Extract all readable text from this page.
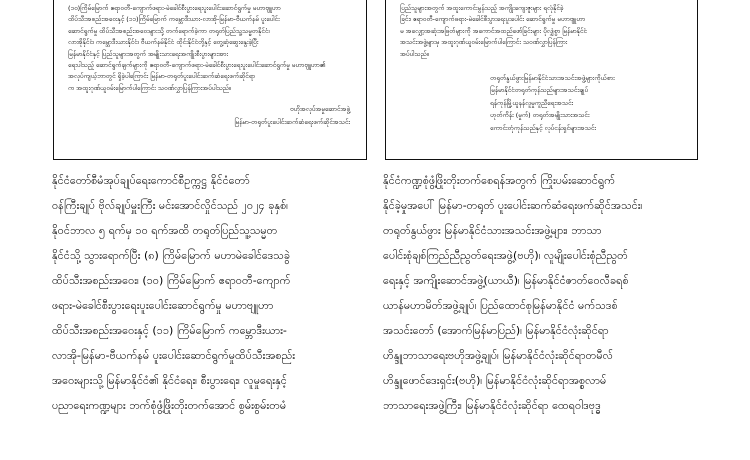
(၁၀)ကြိမ်မြောက် ဧရာဝတီ-ကျောက်ဖရား-မဲခေါင်စီးပွားရေးပူးပေါင်းဆောင်ရွက်မှု မဟာဗျူဟာ
ထိပ်သီးအစည်းအဝေးနှင့် (၁၁)ကြိမ်မြောက် ကမ္ဘောဒီးယား-လာအို-မြန်မာ-ဗီယက်နမ် ပူးပေါင်း
ဆောင်ရွက်မှု ထိပ်သီးအစည်းအဝေးများသို့ တက်ရောက်ခဲ့ကာ တရုတ်ပြည်သူ့သမ္မတနိုင်ငံ၊
လာအိုနိုင်ငံ၊ ကမ္ဘောဒီးယားနိုင်ငံ၊ ဗီယက်နမ်နိုင်ငံ ထိုင်းနိုင်ငံတို့နှင့် တွေ့ဆုံဆွေးနွေးခဲ့ပြီး
မြန်မာနိုင်ငံနှင့် ပြည်သူများအတွက် အမျိုးသားရေးအကျိုးစီးပွားများအား
ရေးပါသည့် ဆောင်ရွက်ချက်များကို ဧရာဝတီ-ကျောက်ဖရား-မဲခေါင်စီးပွားရေးပူးပေါင်းဆောင်ရွက်မှု မဟာဗျူဟာ၏
အလုပ်ကျယ့်ဘာတွင် ရှိခဲ့ပါကြောင်း မြန်မာ-တရုတ်ပူးပေါင်းဆက်ဆံရေးဖက်ဆိုင်ရာ
က အထူးဂုဏ်ယူဝမ်းမြောက်ပါကြောင်း သဝဏ်လွှာပြန်ကြားအပ်ပါသည်။

ဗဟိုအလုပ်အမှုဆောင်အဖွဲ့
မြန်မာ-တရုတ်ပူးပေါင်းဆက်ဆံရေးဖက်ဆိုင်အသင်း

ပြည်သူများအတွက် အထူးကောင်းမွန်သည့် အကျိုးကျေးဇူးများ ရလုံနိုင်ခဲ့
ခြင်း၊ ဧရာဝတီ-ကျောက်ဖရား-မဲခေါင်စီးပွားရေးပူးပေါင်း ဆောင်ရွက်မှု မဟာဗျူဟာ
မ အလျှော့အဆုံးအဖြတ်များကို အကောင်အထည်ဖော်ခြင်းများ ပိုလျှံစွာ မြန်မာနိုင်ငံ
အသင်းအဖွဲ့များမှ အထူးဂုဏ်ယူဝမ်းမြောက်ပါကြောင်း သဝဏ်လွှာပြန်ကြား
အပ်ပါသည်။

တရုတ်နွယ်ဖွားမြန်မာနိုင်ငံသားအသင်းအဖွဲ့များကိုယ်စား
မြန်မာနိုင်ငံတရုတ်ကုန်သည်များအသင်းချုပ်
ရန်ကုန်မြို့ယူနန်လူမှုကူညီရေးအသင်း
ဟုတ်ကိန်း (မှုက်) တရုတ်အမျိုးသားအသင်း
ကောင်းတုံကုန်သည်နှင့် လုပ်ငန်းရှင်များအသင်း

နိုင်ငံတော်စီမံအုပ်ချုပ်ရေးကောင်စီဥက္ကဋ္ဌ နိုင်ငံတော်
ဝန်ကြီးချုပ် ဗိုလ်ချုပ်မှူးကြီး မင်းအောင်လှိုင်သည် ၂၀၂၄ ခုနှစ်၊
နိုဝင်ဘာလ ၅ ရက်မှ ၁၀ ရက်အထိ တရုတ်ပြည်သူ့သမ္မတ
နိုင်ငံသို့ သွားရောက်ပြီး (၈) ကြိမ်မြောက် မဟာမဲခေါင်ဒေသခွဲ
ထိပ်သီးအစည်းအဝေး၊ (၁၀) ကြိမ်မြောက် ဧရာဝတီ-ကျောက်
ဖရား-မဲခေါင်စီးပွားရေးပူးပေါင်းဆောင်ရွက်မှု မဟာဗျူဟာ
ထိပ်သီးအစည်းအဝေးနှင့် (၁၁) ကြိမ်မြောက် ကမ္ဘောဒီးယား-
လာအို-မြန်မာ-ဗီယက်နမ် ပူးပေါင်းဆောင်ရွက်မှုထိပ်သီးအစည်း
အဝေးများသို့ မြန်မာနိုင်ငံ၏ နိုင်ငံရေး၊ စီးပွားရေး၊ လူမှုရေးနှင့်
ပညာရေးကဏ္ဍများ ဘက်စုံဖွံ့ဖြိုးတိုးတက်အောင် စွမ်းစွမ်းတမံ

နိုင်ငံကဏ္ဍစုံဖွံ့ဖြိုးတိုးတက်စေရန်အတွက် ကြိုးပမ်းဆောင်ရွက်
နိုင်ခဲ့မှုအပေါ် မြန်မာ-တရုတ် ပူးပေါင်းဆက်ဆံရေးဖက်ဆိုင်အသင်း၊
တရုတ်နွယ်ဖွား မြန်မာနိုင်ငံသားအသင်းအဖွဲ့များ၊ ဘာသာ
ပေါင်းစုံချစ်ကြည်ညီညွတ်ရေးအဖွဲ့(ဗဟို)၊ လူမျိုးပေါင်းစုံညီညွတ်
ရေးနှင့် အကျိုးဆောင်အဖွဲ့(ယာယီ)၊ မြန်မာနိုင်ငံဇာတ်ဝေလီခရစ်
ယာန်မဟာမိတ်အဖွဲ့ချုပ်၊ ပြည်ထောင်စုမြန်မာနိုင်ငံ မက်သဒစ်
အသင်းတော် (အောက်မြန်မာပြည်)၊ မြန်မာနိုင်ငံလုံးဆိုင်ရာ
ဟိန္ဒူဘာသာရေးဗဟိုအဖွဲ့ချုပ်၊ မြန်မာနိုင်ငံလုံးဆိုင်ရာတမီလ်
ဟိန္ဒူဖောင်ဒေးရှင်း(ဗဟို)၊ မြန်မာနိုင်ငံလုံးဆိုင်ရာအစ္စလာမ်
ဘာသာရေးအဖွဲ့ကြီး၊ မြန်မာနိုင်ငံလုံးဆိုင်ရာ ထေရဝါဒဗုဒ္ဓ
